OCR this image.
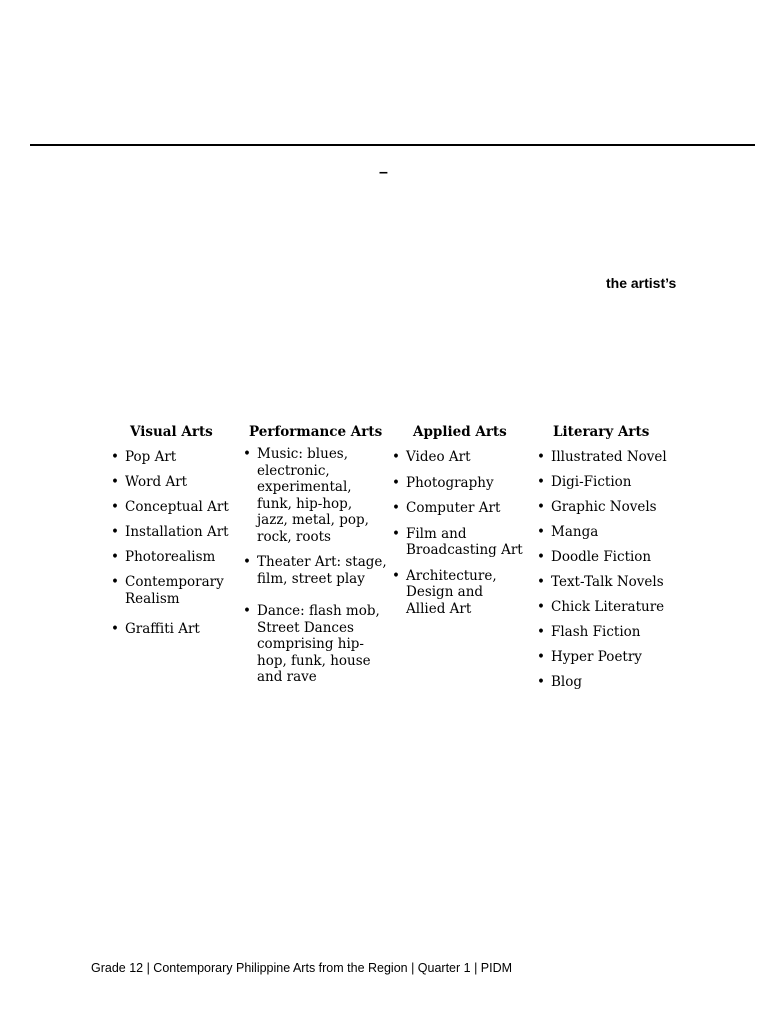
–
the artist’s
Visual Arts
• Pop Art
• Word Art
• Conceptual Art
• Installation Art
• Photorealism
• Contemporary
Realism
• Graffiti Art
Performance Arts
• Music: blues,
electronic,
experimental,
funk, hip-hop,
jazz, metal, pop,
rock, roots
• Theater Art: stage,
film, street play
• Dance: flash mob,
Street Dances
comprising hip-
hop, funk, house
and rave
Applied Arts
• Video Art
• Photography
• Computer Art
• Film and
Broadcasting Art
• Architecture,
Design and
Allied Art
Literary Arts
• Illustrated Novel
• Digi-Fiction
• Graphic Novels
• Manga
• Doodle Fiction
• Text-Talk Novels
• Chick Literature
• Flash Fiction
• Hyper Poetry
• Blog
Grade 12 | Contemporary Philippine Arts from the Region | Quarter 1 | PIDM
